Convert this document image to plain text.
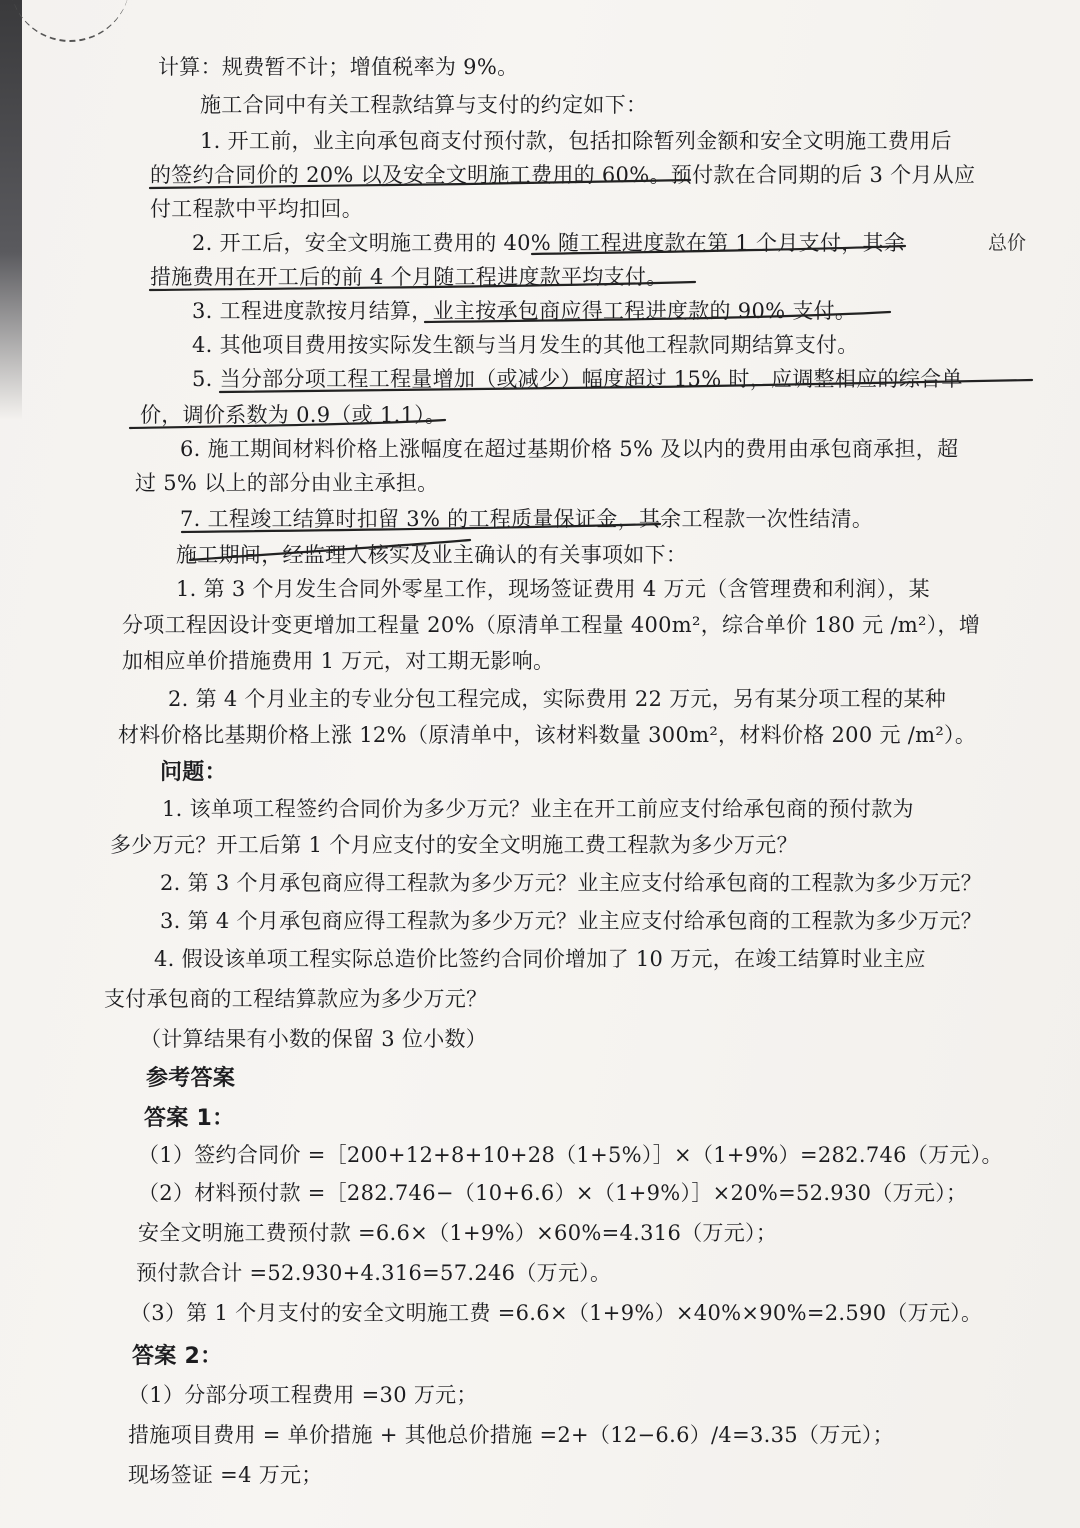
计算：规费暂不计；增值税率为 9%。
施工合同中有关工程款结算与支付的约定如下：
1. 开工前，业主向承包商支付预付款，包括扣除暂列金额和安全文明施工费用后
的签约合同价的 20% 以及安全文明施工费用的 60%。预付款在合同期的后 3 个月从应
付工程款中平均扣回。
2. 开工后，安全文明施工费用的 40% 随工程进度款在第 1 个月支付，其余
措施费用在开工后的前 4 个月随工程进度款平均支付。
3. 工程进度款按月结算，业主按承包商应得工程进度款的 90% 支付。
4. 其他项目费用按实际发生额与当月发生的其他工程款同期结算支付。
5. 当分部分项工程工程量增加（或减少）幅度超过 15% 时，应调整相应的综合单
价，调价系数为 0.9（或 1.1）。
6. 施工期间材料价格上涨幅度在超过基期价格 5% 及以内的费用由承包商承担，超
过 5% 以上的部分由业主承担。
7. 工程竣工结算时扣留 3% 的工程质量保证金，其余工程款一次性结清。
施工期间，经监理人核实及业主确认的有关事项如下：
1. 第 3 个月发生合同外零星工作，现场签证费用 4 万元（含管理费和利润），某
分项工程因设计变更增加工程量 20%（原清单工程量 400m²，综合单价 180 元 /m²），增
加相应单价措施费用 1 万元，对工期无影响。
2. 第 4 个月业主的专业分包工程完成，实际费用 22 万元，另有某分项工程的某种
材料价格比基期价格上涨 12%（原清单中，该材料数量 300m²，材料价格 200 元 /m²）。
问题：
1. 该单项工程签约合同价为多少万元？业主在开工前应支付给承包商的预付款为
多少万元？开工后第 1 个月应支付的安全文明施工费工程款为多少万元？
2. 第 3 个月承包商应得工程款为多少万元？业主应支付给承包商的工程款为多少万元？
3. 第 4 个月承包商应得工程款为多少万元？业主应支付给承包商的工程款为多少万元？
4. 假设该单项工程实际总造价比签约合同价增加了 10 万元，在竣工结算时业主应
支付承包商的工程结算款应为多少万元？
（计算结果有小数的保留 3 位小数）
参考答案
答案 1：
（1）签约合同价 =［200+12+8+10+28（1+5%）］×（1+9%）=282.746（万元）。
（2）材料预付款 =［282.746−（10+6.6）×（1+9%）］×20%=52.930（万元）；
安全文明施工费预付款 =6.6×（1+9%）×60%=4.316（万元）；
预付款合计 =52.930+4.316=57.246（万元）。
（3）第 1 个月支付的安全文明施工费 =6.6×（1+9%）×40%×90%=2.590（万元）。
答案 2：
（1）分部分项工程费用 =30 万元；
措施项目费用 = 单价措施 + 其他总价措施 =2+（12−6.6）/4=3.35（万元）；
现场签证 =4 万元；
总价
